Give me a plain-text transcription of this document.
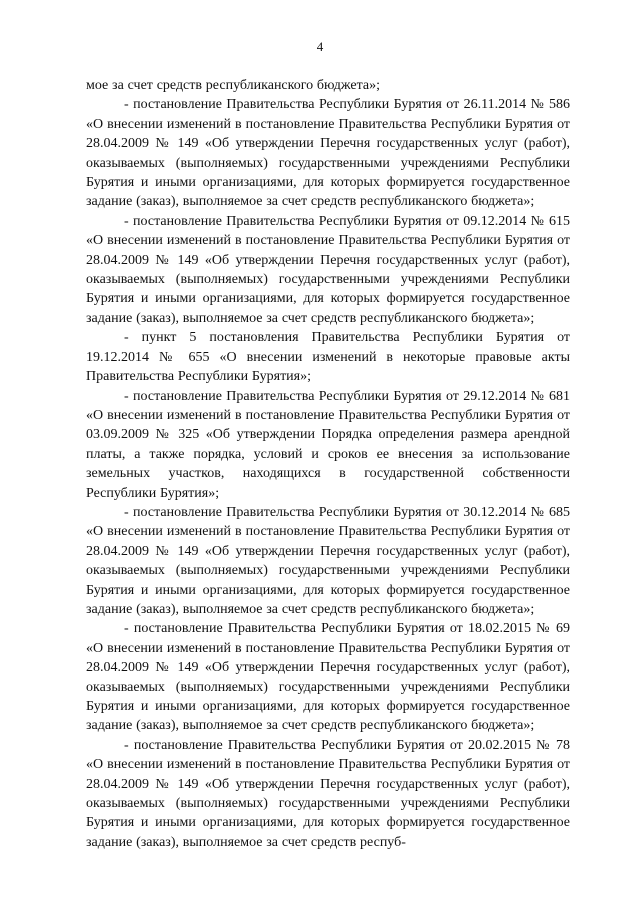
4

мое за счет средств республиканского бюджета»;

- постановление Правительства Республики Бурятия от 26.11.2014 № 586 «О внесении изменений в постановление Правительства Республики Бурятия от 28.04.2009 № 149 «Об утверждении Перечня государственных услуг (работ), оказываемых (выполняемых) государственными учреждениями Республики Бурятия и иными организациями, для которых формируется государственное задание (заказ), выполняемое за счет средств республиканского бюджета»;

- постановление Правительства Республики Бурятия от 09.12.2014 № 615 «О внесении изменений в постановление Правительства Республики Бурятия от 28.04.2009 № 149 «Об утверждении Перечня государственных услуг (работ), оказываемых (выполняемых) государственными учреждениями Республики Бурятия и иными организациями, для которых формируется государственное задание (заказ), выполняемое за счет средств республиканского бюджета»;

- пункт 5 постановления Правительства Республики Бурятия от 19.12.2014 № 655 «О внесении изменений в некоторые правовые акты Правительства Республики Бурятия»;

- постановление Правительства Республики Бурятия от 29.12.2014 № 681 «О внесении изменений в постановление Правительства Республики Бурятия от 03.09.2009 № 325 «Об утверждении Порядка определения размера арендной платы, а также порядка, условий и сроков ее внесения за использование земельных участков, находящихся в государственной собственности Республики Бурятия»;

- постановление Правительства Республики Бурятия от 30.12.2014 № 685 «О внесении изменений в постановление Правительства Республики Бурятия от 28.04.2009 № 149 «Об утверждении Перечня государственных услуг (работ), оказываемых (выполняемых) государственными учреждениями Республики Бурятия и иными организациями, для которых формируется государственное задание (заказ), выполняемое за счет средств республиканского бюджета»;

- постановление Правительства Республики Бурятия от 18.02.2015 № 69 «О внесении изменений в постановление Правительства Республики Бурятия от 28.04.2009 № 149 «Об утверждении Перечня государственных услуг (работ), оказываемых (выполняемых) государственными учреждениями Республики Бурятия и иными организациями, для которых формируется государственное задание (заказ), выполняемое за счет средств республиканского бюджета»;

- постановление Правительства Республики Бурятия от 20.02.2015 № 78 «О внесении изменений в постановление Правительства Республики Бурятия от 28.04.2009 № 149 «Об утверждении Перечня государственных услуг (работ), оказываемых (выполняемых) государственными учреждениями Республики Бурятия и иными организациями, для которых формируется государственное задание (заказ), выполняемое за счет средств респуб-
